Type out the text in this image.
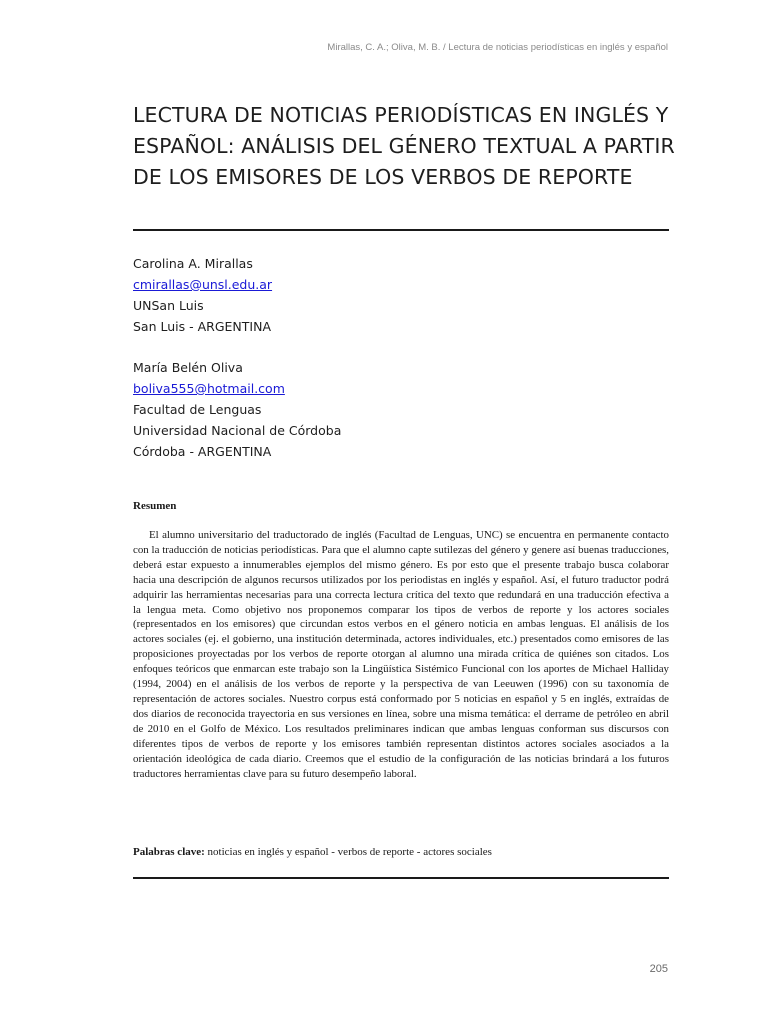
Mirallas, C. A.; Oliva, M. B. / Lectura de noticias periodísticas en inglés y español
LECTURA DE NOTICIAS PERIODÍSTICAS EN INGLÉS Y
ESPAÑOL: ANÁLISIS DEL GÉNERO TEXTUAL A PARTIR
DE LOS EMISORES DE LOS VERBOS DE REPORTE
Carolina A. Mirallas
cmirallas@unsl.edu.ar
UNSan Luis
San Luis - ARGENTINA
María Belén Oliva
boliva555@hotmail.com
Facultad de Lenguas
Universidad Nacional de Córdoba
Córdoba - ARGENTINA
Resumen

El alumno universitario del traductorado de inglés (Facultad de Lenguas, UNC) se encuentra en permanente contacto con la traducción de noticias periodísticas. Para que el alumno capte sutilezas del género y genere así buenas traducciones, deberá estar expuesto a innumerables ejemplos del mismo género. Es por esto que el presente trabajo busca colaborar hacia una descripción de algunos recursos utilizados por los periodistas en inglés y español. Así, el futuro traductor podrá adquirir las herramientas necesarias para una correcta lectura crítica del texto que redundará en una traducción efectiva a la lengua meta. Como objetivo nos proponemos comparar los tipos de verbos de reporte y los actores sociales (representados en los emisores) que circundan estos verbos en el género noticia en ambas lenguas. El análisis de los actores sociales (ej. el gobierno, una institución determinada, actores individuales, etc.) presentados como emisores de las proposiciones proyectadas por los verbos de reporte otorgan al alumno una mirada crítica de quiénes son citados. Los enfoques teóricos que enmarcan este trabajo son la Lingüística Sistémico Funcional con los aportes de Michael Halliday (1994, 2004) en el análisis de los verbos de reporte y la perspectiva de van Leeuwen (1996) con su taxonomía de representación de actores sociales. Nuestro corpus está conformado por 5 noticias en español y 5 en inglés, extraídas de dos diarios de reconocida trayectoria en sus versiones en línea, sobre una misma temática: el derrame de petróleo en abril de 2010 en el Golfo de México. Los resultados preliminares indican que ambas lenguas conforman sus discursos con diferentes tipos de verbos de reporte y los emisores también representan distintos actores sociales asociados a la orientación ideológica de cada diario. Creemos que el estudio de la configuración de las noticias brindará a los futuros traductores herramientas clave para su futuro desempeño laboral.

Palabras clave: noticias en inglés y español - verbos de reporte - actores sociales
205
